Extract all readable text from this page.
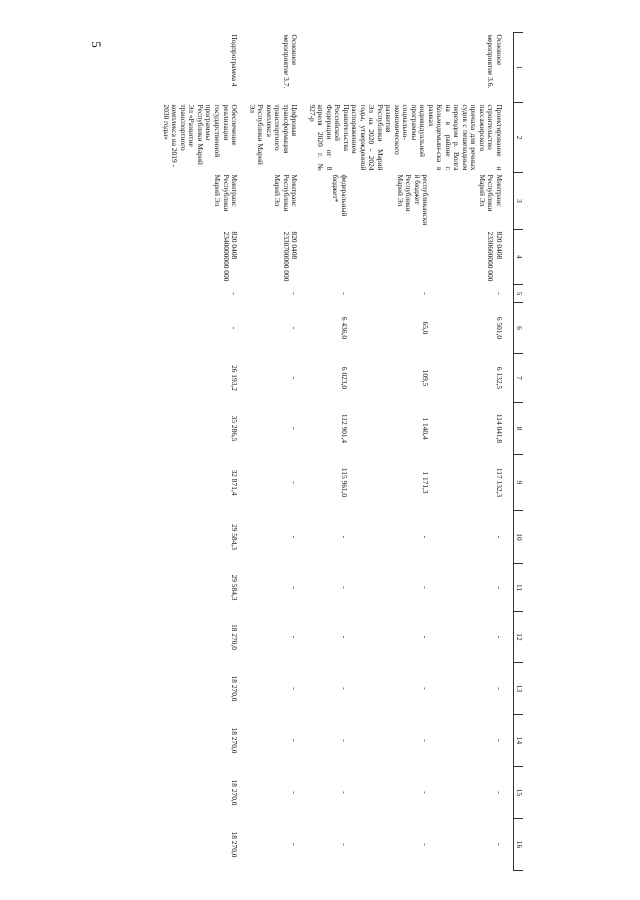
5
1	2	3	4	5	6	7	8	9	10	11	12	13	14	15	16
Основное мероприятие 3.6.	Проектирование и строительство пассажирского причала для речных судов с пешеходным переходом р. Волга на в районе г. Козьмодемьян-ска в рамках индивидуальной программы социально-экономического развития Республики Марий Эл на 2020 - 2024 годы, утвержденной распоряжением Правительства Российской Федерации от 8 апреля 2020 г. № 927-р	Минтранс Республики Марий Эл	820 0408 2330600000 000	-	6 501,0	6 132,5	114 041,8	117 132,3	-	-	-	-	-	-	-
		республиканский бюджет Республики Марий Эл		-	65,0	109,5	1 140,4	1 171,3	-	-	-	-	-	-	-
		федеральный бюджет*		-	6 436,0	6 023,0	112 901,4	115 961,0	-	-	-	-	-	-	-
Основное мероприятие 3.7.	Цифровая трансформация транспортного комплекса Республики Марий Эл	Минтранс Республики Марий Эл	820 0408 2330700000 000	-	-	-	-	-	-	-	-	-	-	-	-
Подпрограмма 4	Обеспечение реализации государственной программы Республики Марий Эл «Развитие транспортного комплекса на 2019 - 2030 годы»	Минтранс Республики Марий Эл	820 0408 2340000000 000	-	-	26 193,2	35 286,5	32 871,4	29 584,3	29 584,3	18 270,0	18 270,0	18 270,0	18 270,0	18 270,0
